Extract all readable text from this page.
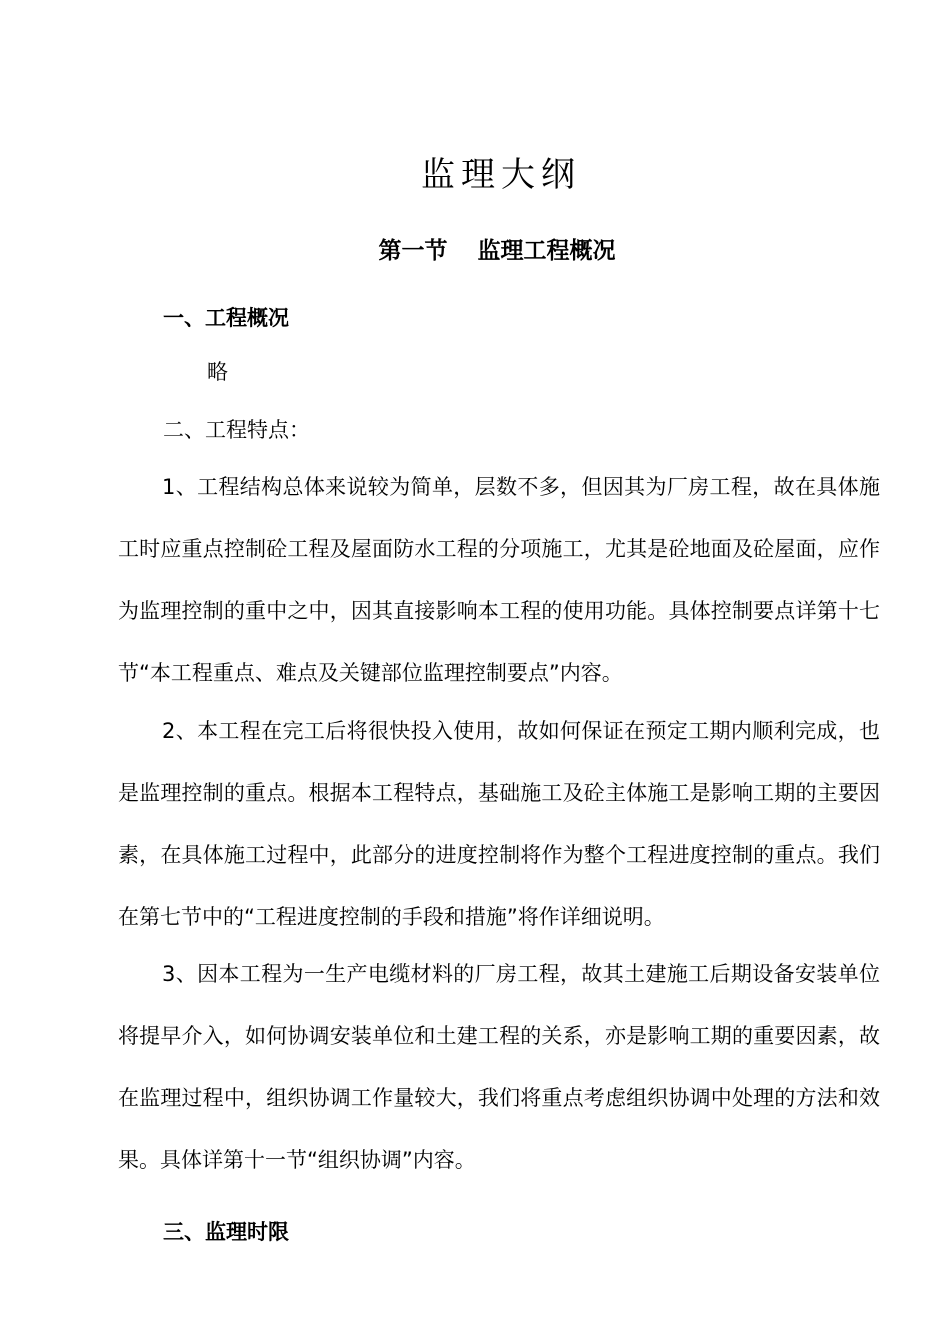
监理大纲
第一节 监理工程概况
一、工程概况
略
二、工程特点：

1、工程结构总体来说较为简单，层数不多，但因其为厂房工程，故在具体施工时应重点控制砼工程及屋面防水工程的分项施工，尤其是砼地面及砼屋面，应作为监理控制的重中之中，因其直接影响本工程的使用功能。具体控制要点详第十七节“本工程重点、难点及关键部位监理控制要点”内容。

2、本工程在完工后将很快投入使用，故如何保证在预定工期内顺利完成，也是监理控制的重点。根据本工程特点，基础施工及砼主体施工是影响工期的主要因素，在具体施工过程中，此部分的进度控制将作为整个工程进度控制的重点。我们在第七节中的“工程进度控制的手段和措施”将作详细说明。

3、因本工程为一生产电缆材料的厂房工程，故其土建施工后期设备安装单位将提早介入，如何协调安装单位和土建工程的关系，亦是影响工期的重要因素，故在监理过程中，组织协调工作量较大，我们将重点考虑组织协调中处理的方法和效果。具体详第十一节“组织协调”内容。

三、监理时限
